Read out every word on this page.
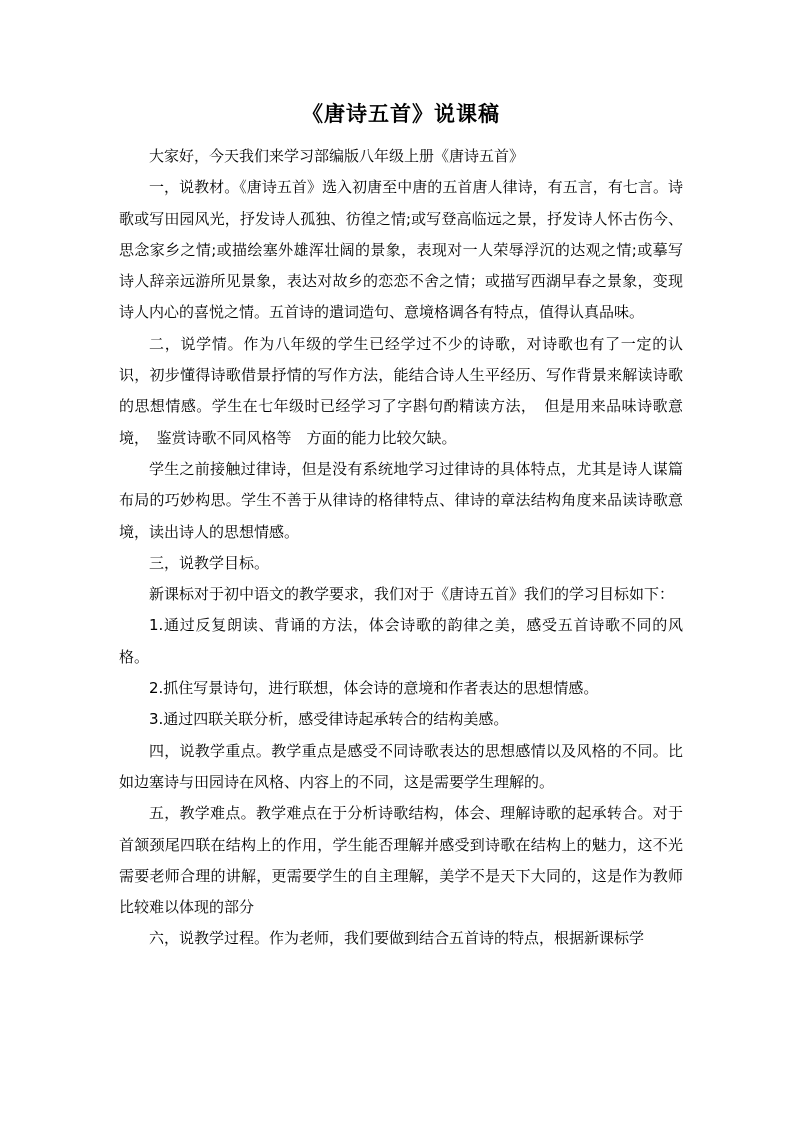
《唐诗五首》说课稿

大家好，今天我们来学习部编版八年级上册《唐诗五首》

一，说教材。《唐诗五首》选入初唐至中唐的五首唐人律诗，有五言，有七言。诗歌或写田园风光，抒发诗人孤独、彷徨之情;或写登高临远之景，抒发诗人怀古伤今、思念家乡之情;或描绘塞外雄浑壮阔的景象，表现对一人荣辱浮沉的达观之情;或摹写诗人辞亲远游所见景象，表达对故乡的恋恋不舍之情；或描写西湖早春之景象，变现诗人内心的喜悦之情。五首诗的遣词造句、意境格调各有特点，值得认真品味。

二，说学情。作为八年级的学生已经学过不少的诗歌，对诗歌也有了一定的认识，初步懂得诗歌借景抒情的写作方法，能结合诗人生平经历、写作背景来解读诗歌的思想情感。学生在七年级时已经学习了字斟句酌精读方法，　但是用来品味诗歌意境，　鉴赏诗歌不同风格等　方面的能力比较欠缺。

学生之前接触过律诗，但是没有系统地学习过律诗的具体特点，尤其是诗人谋篇布局的巧妙构思。学生不善于从律诗的格律特点、律诗的章法结构角度来品读诗歌意境，读出诗人的思想情感。

三，说教学目标。

新课标对于初中语文的教学要求，我们对于《唐诗五首》我们的学习目标如下：

1.通过反复朗读、背诵的方法，体会诗歌的韵律之美，感受五首诗歌不同的风格。

2.抓住写景诗句，进行联想，体会诗的意境和作者表达的思想情感。

3.通过四联关联分析，感受律诗起承转合的结构美感。

四，说教学重点。教学重点是感受不同诗歌表达的思想感情以及风格的不同。比如边塞诗与田园诗在风格、内容上的不同，这是需要学生理解的。

五，教学难点。教学难点在于分析诗歌结构，体会、理解诗歌的起承转合。对于首颔颈尾四联在结构上的作用，学生能否理解并感受到诗歌在结构上的魅力，这不光需要老师合理的讲解，更需要学生的自主理解，美学不是天下大同的，这是作为教师比较难以体现的部分

六，说教学过程。作为老师，我们要做到结合五首诗的特点，根据新课标学
